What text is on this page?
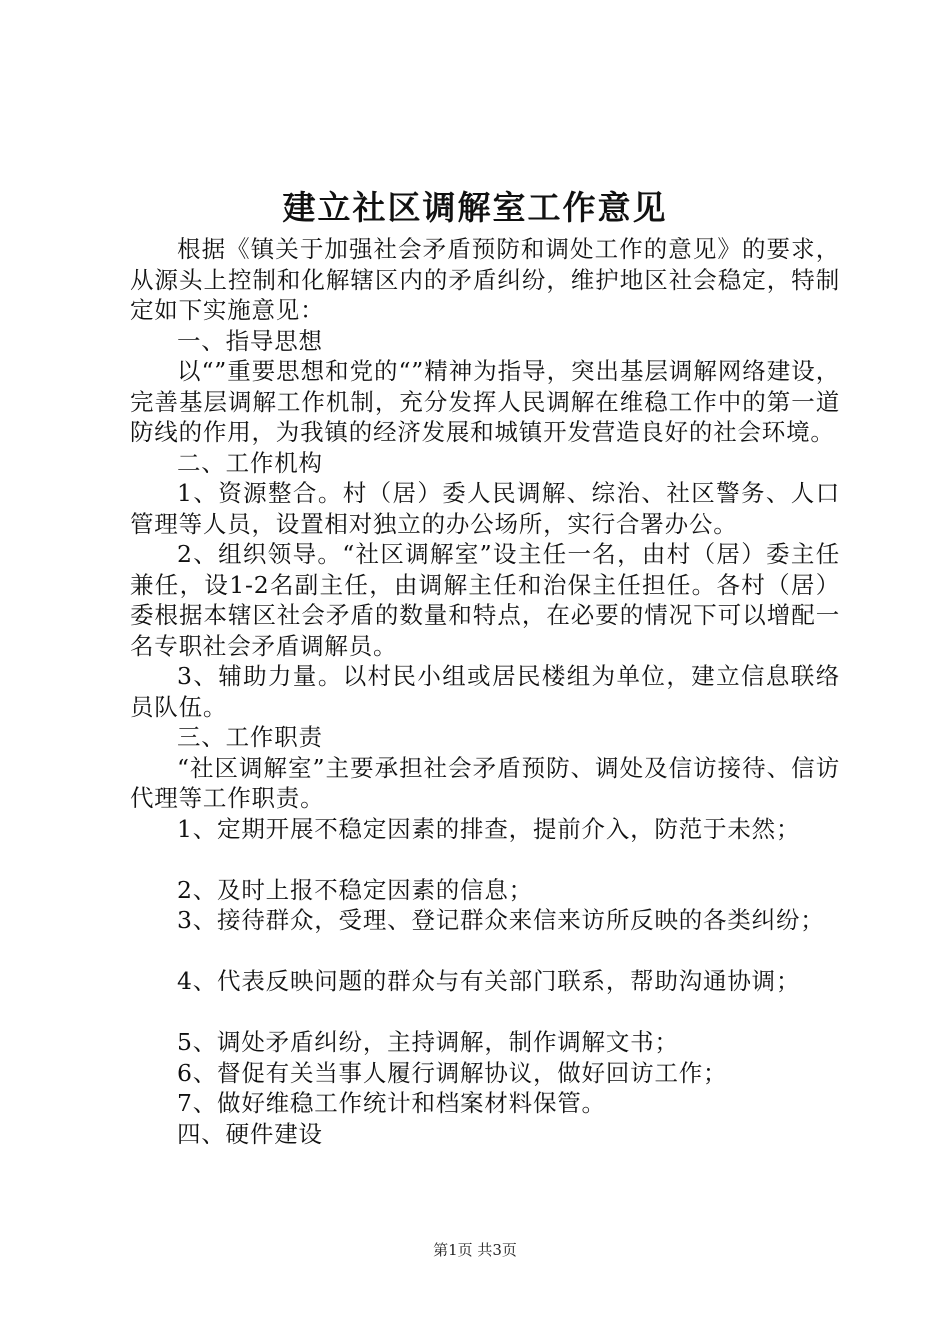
建立社区调解室工作意见

根据《镇关于加强社会矛盾预防和调处工作的意见》的要求，从源头上控制和化解辖区内的矛盾纠纷，维护地区社会稳定，特制定如下实施意见：

一、指导思想

以“”重要思想和党的“”精神为指导，突出基层调解网络建设，完善基层调解工作机制，充分发挥人民调解在维稳工作中的第一道防线的作用，为我镇的经济发展和城镇开发营造良好的社会环境。

二、工作机构

1、资源整合。村（居）委人民调解、综治、社区警务、人口管理等人员，设置相对独立的办公场所，实行合署办公。

2、组织领导。“社区调解室”设主任一名，由村（居）委主任兼任，设1-2名副主任，由调解主任和治保主任担任。各村（居）委根据本辖区社会矛盾的数量和特点，在必要的情况下可以增配一名专职社会矛盾调解员。

3、辅助力量。以村民小组或居民楼组为单位，建立信息联络员队伍。

三、工作职责

“社区调解室”主要承担社会矛盾预防、调处及信访接待、信访代理等工作职责。

1、定期开展不稳定因素的排查，提前介入，防范于未然；

2、及时上报不稳定因素的信息；

3、接待群众，受理、登记群众来信来访所反映的各类纠纷；

4、代表反映问题的群众与有关部门联系，帮助沟通协调；

5、调处矛盾纠纷，主持调解，制作调解文书；

6、督促有关当事人履行调解协议，做好回访工作；

7、做好维稳工作统计和档案材料保管。

四、硬件建设

第1页 共3页
